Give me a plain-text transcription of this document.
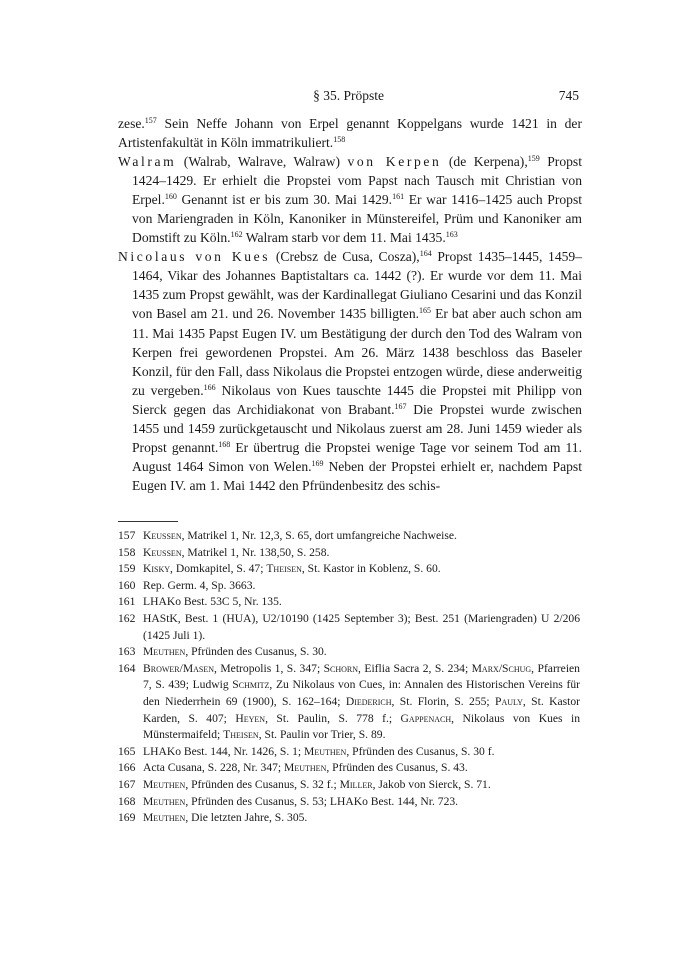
§ 35. Pröpste	745

zese.$^{157}$ Sein Neffe Johann von Erpel genannt Koppelgans wurde 1421 in der Artistenfakultät in Köln immatrikuliert.$^{158}$

Walram (Walrab, Walrave, Walraw) von Kerpen (de Kerpena),$^{159}$ Propst 1424–1429. Er erhielt die Propstei vom Papst nach Tausch mit Christian von Erpel.$^{160}$ Genannt ist er bis zum 30. Mai 1429.$^{161}$ Er war 1416–1425 auch Propst von Mariengraden in Köln, Kanoniker in Münstereifel, Prüm und Kanoniker am Domstift zu Köln.$^{162}$ Walram starb vor dem 11. Mai 1435.$^{163}$

Nicolaus von Kues (Crebsz de Cusa, Cosza),$^{164}$ Propst 1435–1445, 1459–1464, Vikar des Johannes Baptistaltars ca. 1442 (?). Er wurde vor dem 11. Mai 1435 zum Propst gewählt, was der Kardinallegat Giuliano Cesarini und das Konzil von Basel am 21. und 26. November 1435 billigten.$^{165}$ Er bat aber auch schon am 11. Mai 1435 Papst Eugen IV. um Bestätigung der durch den Tod des Walram von Kerpen frei gewordenen Propstei. Am 26. März 1438 beschloss das Baseler Konzil, für den Fall, dass Nikolaus die Propstei entzogen würde, diese anderweitig zu vergeben.$^{166}$ Nikolaus von Kues tauschte 1445 die Propstei mit Philipp von Sierck gegen das Archidiakonat von Brabant.$^{167}$ Die Propstei wurde zwischen 1455 und 1459 zurückgetauscht und Nikolaus zuerst am 28. Juni 1459 wieder als Propst genannt.$^{168}$ Er übertrug die Propstei wenige Tage vor seinem Tod am 11. August 1464 Simon von Welen.$^{169}$ Neben der Propstei erhielt er, nachdem Papst Eugen IV. am 1. Mai 1442 den Pfründenbesitz des schis-

157 Keussen, Matrikel 1, Nr. 12,3, S. 65, dort umfangreiche Nachweise.
158 Keussen, Matrikel 1, Nr. 138,50, S. 258.
159 Kisky, Domkapitel, S. 47; Theisen, St. Kastor in Koblenz, S. 60.
160 Rep. Germ. 4, Sp. 3663.
161 LHAKo Best. 53C 5, Nr. 135.
162 HAStK, Best. 1 (HUA), U2/10190 (1425 September 3); Best. 251 (Mariengraden) U 2/206 (1425 Juli 1).
163 Meuthen, Pfründen des Cusanus, S. 30.
164 Brower/Masen, Metropolis 1, S. 347; Schorn, Eiflia Sacra 2, S. 234; Marx/Schug, Pfarreien 7, S. 439; Ludwig Schmitz, Zu Nikolaus von Cues, in: Annalen des Historischen Vereins für den Niederrhein 69 (1900), S. 162–164; Diederich, St. Florin, S. 255; Pauly, St. Kastor Karden, S. 407; Heyen, St. Paulin, S. 778 f.; Gappenach, Nikolaus von Kues in Münstermaifeld; Theisen, St. Paulin vor Trier, S. 89.
165 LHAKo Best. 144, Nr. 1426, S. 1; Meuthen, Pfründen des Cusanus, S. 30 f.
166 Acta Cusana, S. 228, Nr. 347; Meuthen, Pfründen des Cusanus, S. 43.
167 Meuthen, Pfründen des Cusanus, S. 32 f.; Miller, Jakob von Sierck, S. 71.
168 Meuthen, Pfründen des Cusanus, S. 53; LHAKo Best. 144, Nr. 723.
169 Meuthen, Die letzten Jahre, S. 305.
